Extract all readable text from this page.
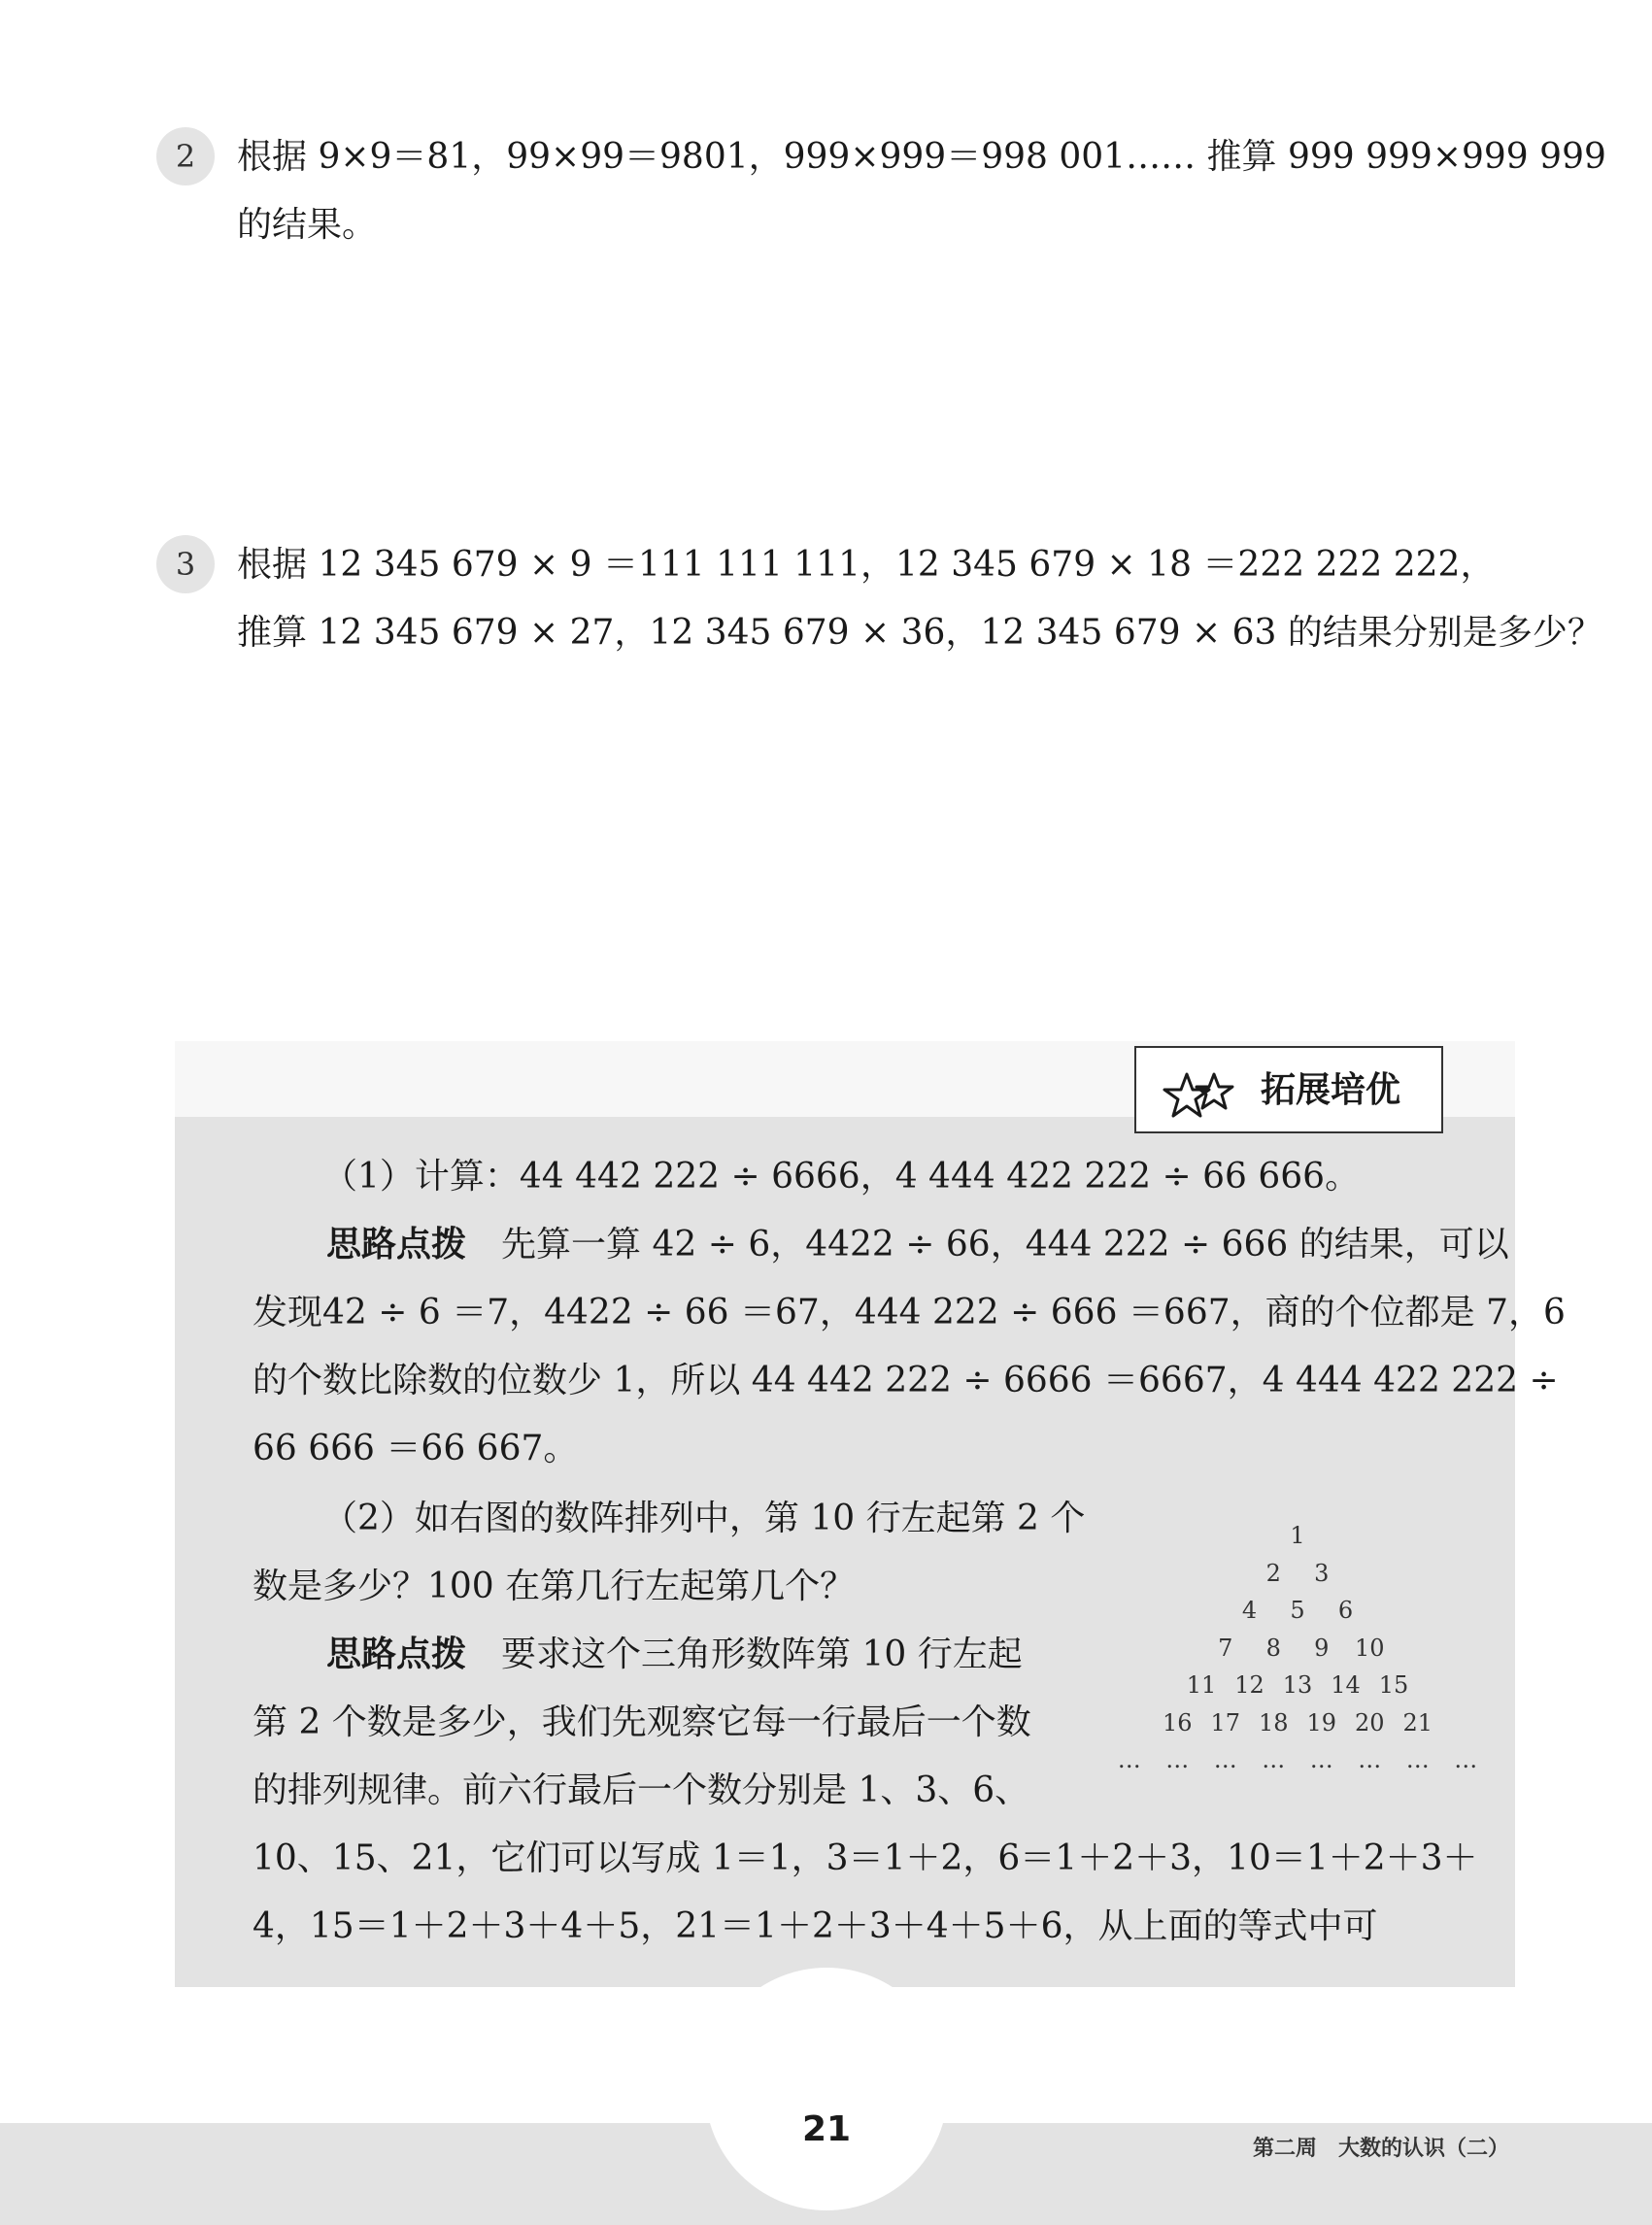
2	根据 9×9＝81，99×99＝9801，999×999＝998 001…… 推算 999 999×999 999
的结果。
3	根据 12 345 679 × 9 ＝111 111 111，12 345 679 × 18 ＝222 222 222，
推算 12 345 679 × 27，12 345 679 × 36，12 345 679 × 63 的结果分别是多少？
拓展培优
（1）计算：44 442 222 ÷ 6666，4 444 422 222 ÷ 66 666。
思路点拨 先算一算 42 ÷ 6，4422 ÷ 66，444 222 ÷ 666 的结果，可以
发现42 ÷ 6 ＝7，4422 ÷ 66 ＝67，444 222 ÷ 666 ＝667，商的个位都是 7，6
的个数比除数的位数少 1，所以 44 442 222 ÷ 6666 ＝6667，4 444 422 222 ÷
66 666 ＝66 667。
（2）如右图的数阵排列中，第 10 行左起第 2 个
数是多少？100 在第几行左起第几个？
思路点拨 要求这个三角形数阵第 10 行左起
第 2 个数是多少，我们先观察它每一行最后一个数
的排列规律。前六行最后一个数分别是 1、3、6、
10、15、21，它们可以写成 1＝1，3＝1＋2，6＝1＋2＋3，10＝1＋2＋3＋
4，15＝1＋2＋3＋4＋5，21＝1＋2＋3＋4＋5＋6，从上面的等式中可
1
2	3
4	5	6
7	8	9	10
11 12 13 14 15
16 17 18 19 20 21
…	…	…	…	…	…	…	…
21	第二周　大数的认识（二）
